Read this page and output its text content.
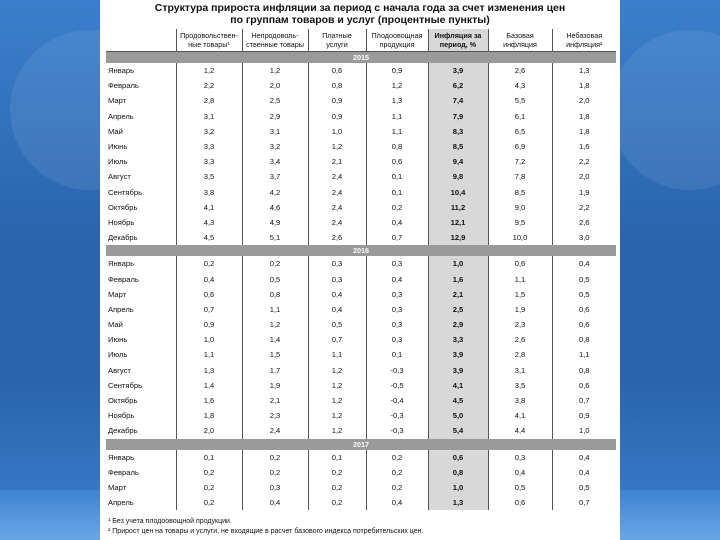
Структура прироста инфляции за период с начала года за счет изменения цен
по группам товаров и услуг (процентные пункты)
	Продовольствен-ные товары¹	Непродоволь-ственные товары	Платные услуги	Плодоовощная продукция	Инфляция за период, %	Базовая инфляция	Небазовая инфляция²
2015							
Январь	1,2	1,2	0,6	0,9	3,9	2,6	1,3
Февраль	2,2	2,0	0,8	1,2	6,2	4,3	1,8
Март	2,8	2,5	0,9	1,3	7,4	5,5	2,0
Апрель	3,1	2,9	0,9	1,1	7,9	6,1	1,8
Май	3,2	3,1	1,0	1,1	8,3	6,5	1,8
Июнь	3,3	3,2	1,2	0,8	8,5	6,9	1,6
Июль	3,3	3,4	2,1	0,6	9,4	7,2	2,2
Август	3,5	3,7	2,4	0,1	9,8	7,8	2,0
Сентябрь	3,8	4,2	2,4	0,1	10,4	8,5	1,9
Октябрь	4,1	4,6	2,4	0,2	11,2	9,0	2,2
Ноябрь	4,3	4,9	2,4	0,4	12,1	9,5	2,6
Декабрь	4,5	5,1	2,6	0,7	12,9	10,0	3,0
2016							
Январь	0,2	0,2	0,3	0,3	1,0	0,6	0,4
Февраль	0,4	0,5	0,3	0,4	1,6	1,1	0,5
Март	0,6	0,8	0,4	0,3	2,1	1,5	0,5
Апрель	0,7	1,1	0,4	0,3	2,5	1,9	0,6
Май	0,9	1,2	0,5	0,3	2,9	2,3	0,6
Июнь	1,0	1,4	0,7	0,3	3,3	2,6	0,8
Июль	1,1	1,5	1,1	0,1	3,9	2,8	1,1
Август	1,3	1,7	1,2	-0,3	3,9	3,1	0,8
Сентябрь	1,4	1,9	1,2	-0,5	4,1	3,5	0,6
Октябрь	1,6	2,1	1,2	-0,4	4,5	3,8	0,7
Ноябрь	1,8	2,3	1,2	-0,3	5,0	4,1	0,9
Декабрь	2,0	2,4	1,2	-0,3	5,4	4,4	1,0
2017							
Январь	0,1	0,2	0,1	0,2	0,6	0,3	0,4
Февраль	0,2	0,2	0,2	0,2	0,8	0,4	0,4
Март	0,2	0,3	0,2	0,2	1,0	0,5	0,5
Апрель	0,2	0,4	0,2	0,4	1,3	0,6	0,7
¹ Без учета плодоовощной продукции.
² Прирост цен на товары и услуги, не входящие в расчет базового индекса потребительских цен.
